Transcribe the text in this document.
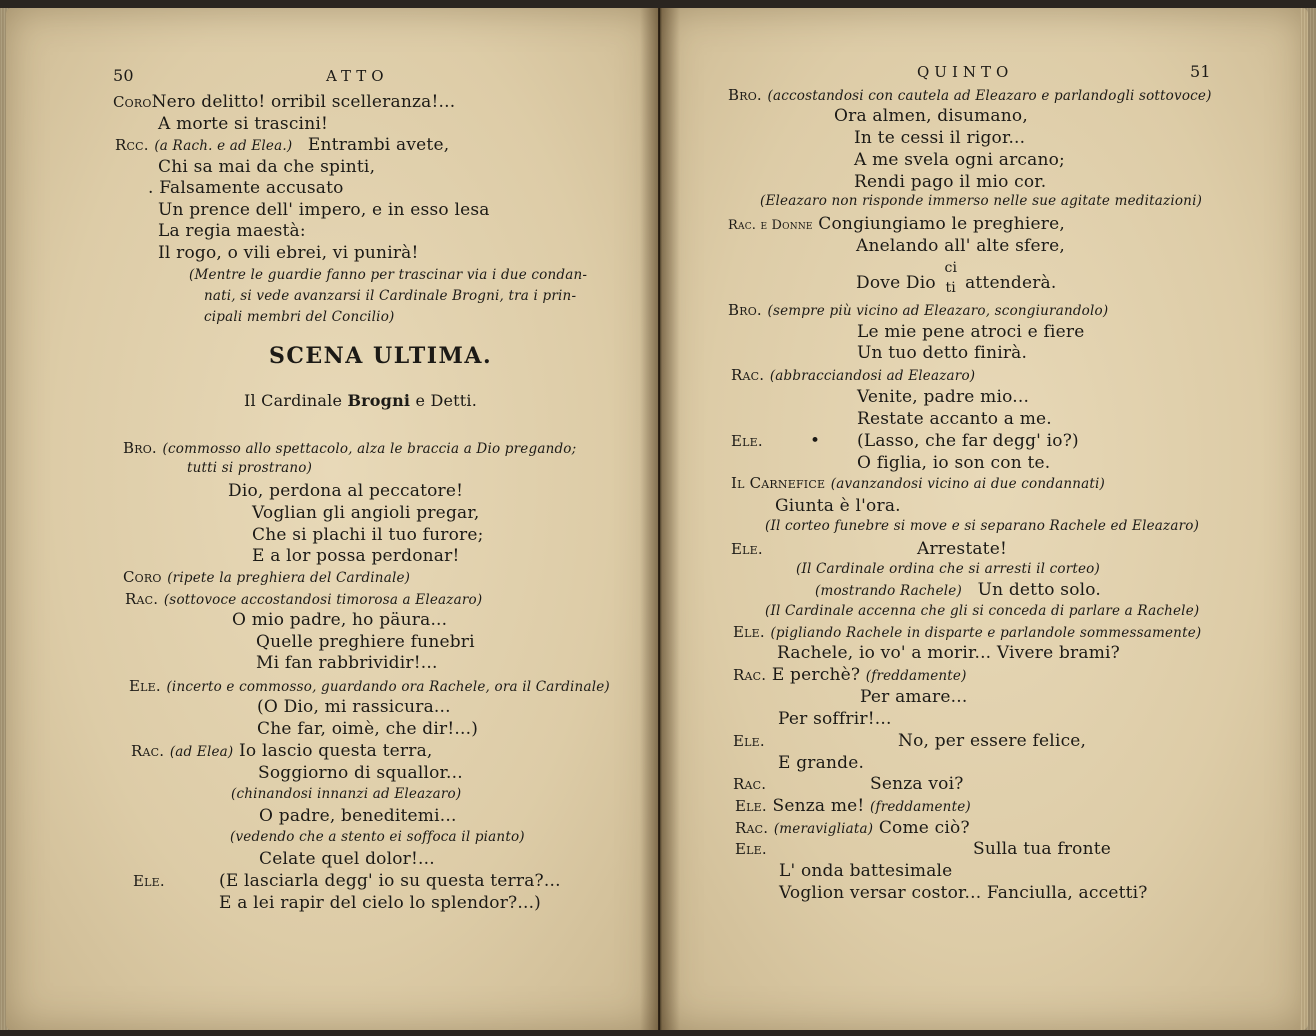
50	ATTO
CoroNero delitto! orribil scelleranza!...
A morte si trascini!
Rcc. (a Rach. e ad Elea.) Entrambi avete,
Chi sa mai da che spinti,
. Falsamente accusato
Un prence dell' impero, e in esso lesa
La regia maestà:
Il rogo, o vili ebrei, vi punirà!
(Mentre le guardie fanno per trascinar via i due condan-
nati, si vede avanzarsi il Cardinale Brogni, tra i prin-
cipali membri del Concilio)
SCENA ULTIMA.
Il Cardinale Brogni e Detti.
Bro. (commosso allo spettacolo, alza le braccia a Dio pregando;
tutti si prostrano)
Dio, perdona al peccatore!
Voglian gli angioli pregar,
Che si plachi il tuo furore;
E a lor possa perdonar!
Coro (ripete la preghiera del Cardinale)
Rac. (sottovoce accostandosi timorosa a Eleazaro)
O mio padre, ho päura...
Quelle preghiere funebri
Mi fan rabbrividir!...
Ele. (incerto e commosso, guardando ora Rachele, ora il Cardinale)
(O Dio, mi rassicura...
Che far, oimè, che dir!...)
Rac. (ad Elea) Io lascio questa terra,
Soggiorno di squallor...
(chinandosi innanzi ad Eleazaro)
O padre, beneditemi...
(vedendo che a stento ei soffoca il pianto)
Celate quel dolor!...
Ele.	(E lasciarla degg' io su questa terra?...
E a lei rapir del cielo lo splendor?...)
QUINTO	51
Bro. (accostandosi con cautela ad Eleazaro e parlandogli sottovoce)
Ora almen, disumano,
In te cessi il rigor...
A me svela ogni arcano;
Rendi pago il mio cor.
(Eleazaro non risponde immerso nelle sue agitate meditazioni)
Rac. e Donne Congiungiamo le preghiere,
Anelando all' alte sfere,
Dove Dio
ci
ti attenderà.
Bro. (sempre più vicino ad Eleazaro, scongiurandolo)
Le mie pene atroci e fiere
Un tuo detto finirà.
Rac. (abbracciandosi ad Eleazaro)
Venite, padre mio...
Restate accanto a me.
Ele.	• (Lasso, che far degg' io?)
O figlia, io son con te.
Il Carnefice (avanzandosi vicino ai due condannati)
Giunta è l'ora.
(Il corteo funebre si move e si separano Rachele ed Eleazaro)
Ele.	Arrestate!
(Il Cardinale ordina che si arresti il corteo)
(mostrando Rachele) Un detto solo.
(Il Cardinale accenna che gli si conceda di parlare a Rachele)
Ele. (pigliando Rachele in disparte e parlandole sommessamente)
Rachele, io vo' a morir... Vivere brami?
Rac. E perchè? (freddamente)
Per amare...
Per soffrir!...
Ele.	No, per essere felice,
E grande.
Rac.	Senza voi?
Ele. Senza me! (freddamente)
Rac. (meravigliata) Come ciò?
Ele.	Sulla tua fronte
L' onda battesimale
Voglion versar costor... Fanciulla, accetti?
